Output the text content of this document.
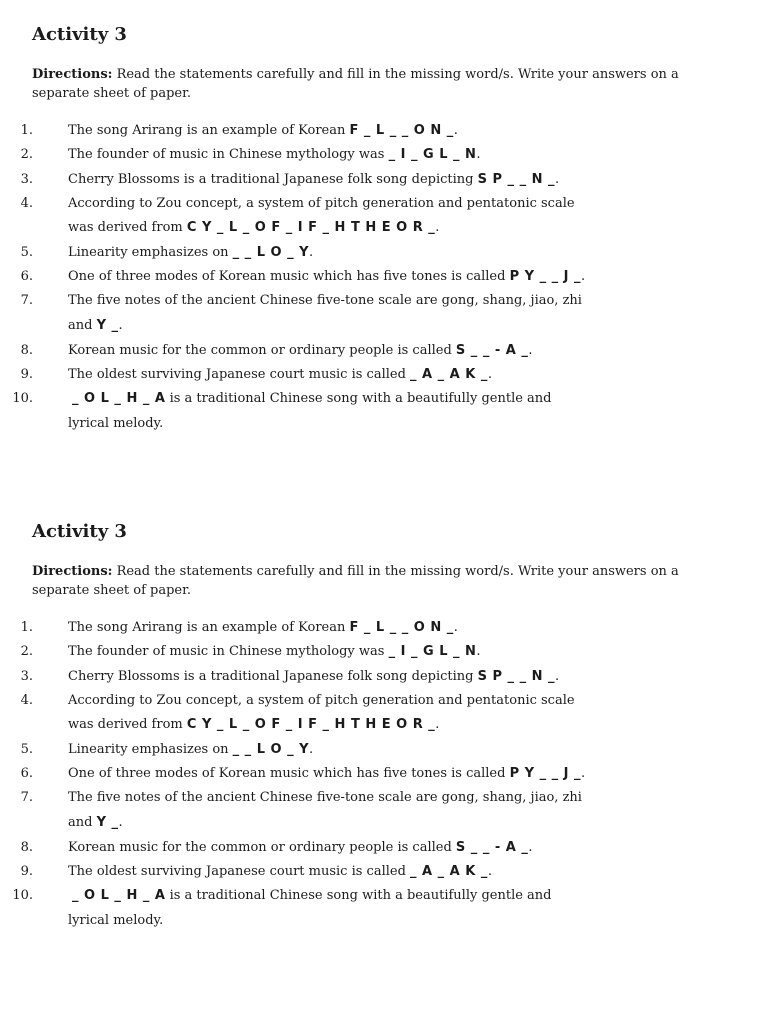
Activity 3

Directions: Read the statements carefully and fill in the missing word/s. Write your answers on a separate sheet of paper.

1.	The song Arirang is an example of Korean F _ L _ _ O N _.
2.	The founder of music in Chinese mythology was _ I _ G L _ N.
3.	Cherry Blossoms is a traditional Japanese folk song depicting S P _ _ N _.
4.	According to Zou concept, a system of pitch generation and pentatonic scale
was derived from C Y _ L _ O F _ I F _ H T H E O R _.
5.	Linearity emphasizes on _ _ L O _ Y.
6.	One of three modes of Korean music which has five tones is called P Y _ _ J _.
7.	The five notes of the ancient Chinese five-tone scale are gong, shang, jiao, zhi
and Y _.
8.	Korean music for the common or ordinary people is called S _ _ - A _.
9.	The oldest surviving Japanese court music is called _ A _ A K _.
10.	_ O L _ H _ A is a traditional Chinese song with a beautifully gentle and
lyrical melody.
Activity 3

Directions: Read the statements carefully and fill in the missing word/s. Write your answers on a separate sheet of paper.

1.	The song Arirang is an example of Korean F _ L _ _ O N _.
2.	The founder of music in Chinese mythology was _ I _ G L _ N.
3.	Cherry Blossoms is a traditional Japanese folk song depicting S P _ _ N _.
4.	According to Zou concept, a system of pitch generation and pentatonic scale
was derived from C Y _ L _ O F _ I F _ H T H E O R _.
5.	Linearity emphasizes on _ _ L O _ Y.
6.	One of three modes of Korean music which has five tones is called P Y _ _ J _.
7.	The five notes of the ancient Chinese five-tone scale are gong, shang, jiao, zhi
and Y _.
8.	Korean music for the common or ordinary people is called S _ _ - A _.
9.	The oldest surviving Japanese court music is called _ A _ A K _.
10.	_ O L _ H _ A is a traditional Chinese song with a beautifully gentle and
lyrical melody.
